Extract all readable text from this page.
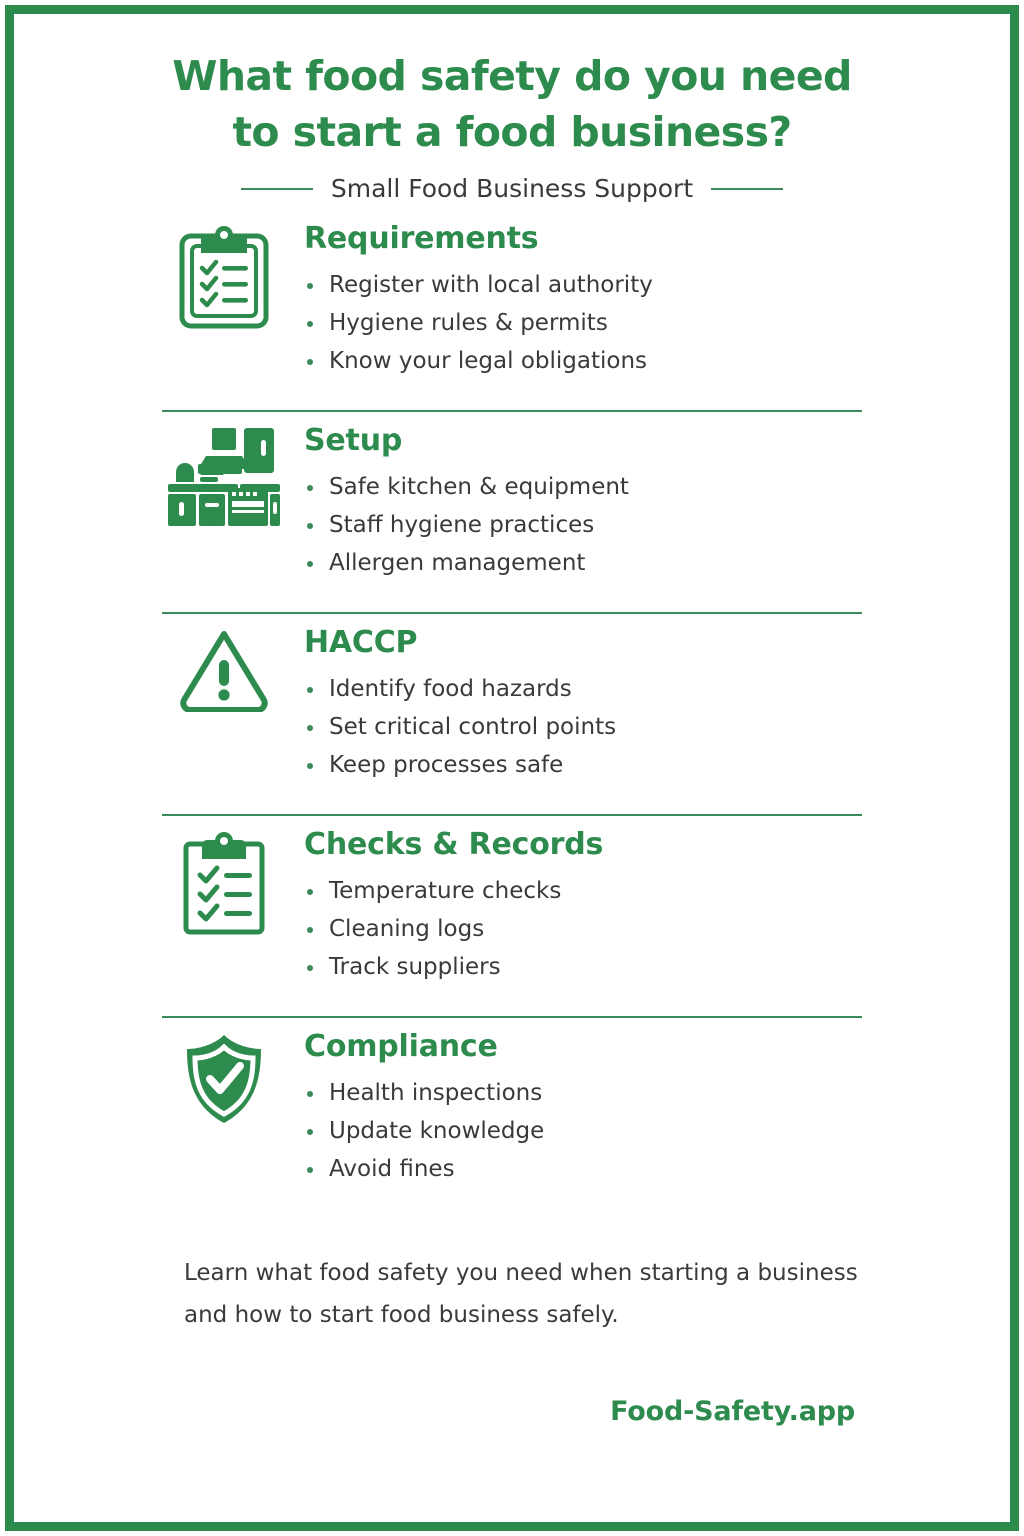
What food safety do you need
to start a food business?
Small Food Business Support
Requirements
Register with local authority
Hygiene rules & permits
Know your legal obligations
Setup
Safe kitchen & equipment
Staff hygiene practices
Allergen management
HACCP
Identify food hazards
Set critical control points
Keep processes safe
Checks & Records
Temperature checks
Cleaning logs
Track suppliers
Compliance
Health inspections
Update knowledge
Avoid fines
Learn what food safety you need when starting a business
and how to start food business safely.
Food-Safety.app
